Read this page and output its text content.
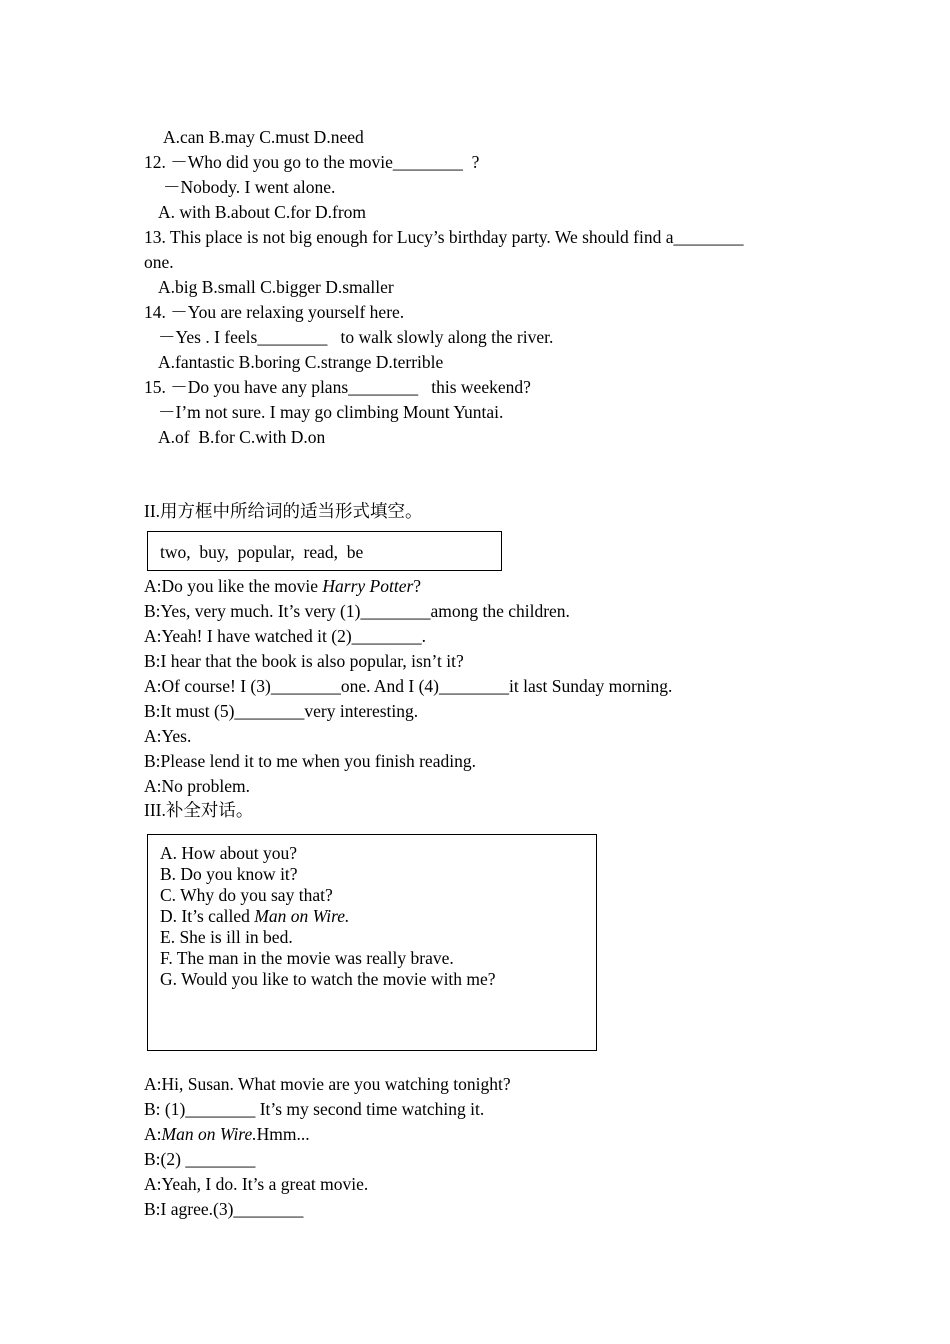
A.can B.may C.must D.need
12. －Who did you go to the movie________  ?
－Nobody. I went alone.
A. with B.about C.for D.from
13. This place is not big enough for Lucy’s birthday party. We should find a________
one.
A.big B.small C.bigger D.smaller
14. －You are relaxing yourself here.
－Yes . I feels________   to walk slowly along the river.
A.fantastic B.boring C.strange D.terrible
15. －Do you have any plans________   this weekend?
－I’m not sure. I may go climbing Mount Yuntai.
A.of  B.for C.with D.on
II.用方框中所给词的适当形式填空。
two,  buy,  popular,  read,  be
A:Do you like the movie Harry Potter?
B:Yes, very much. It’s very (1)________among the children.
A:Yeah! I have watched it (2)________.
B:I hear that the book is also popular, isn’t it?
A:Of course! I (3)________one. And I (4)________it last Sunday morning.
B:It must (5)________very interesting.
A:Yes.
B:Please lend it to me when you finish reading.
A:No problem.
III.补全对话。
A. How about you?
B. Do you know it?
C. Why do you say that?
D. It’s called Man on Wire.
E. She is ill in bed.
F. The man in the movie was really brave.
G. Would you like to watch the movie with me?
A:Hi, Susan. What movie are you watching tonight?
B: (1)________ It’s my second time watching it.
A:Man on Wire.Hmm...
B:(2) ________
A:Yeah, I do. It’s a great movie.
B:I agree.(3)________
